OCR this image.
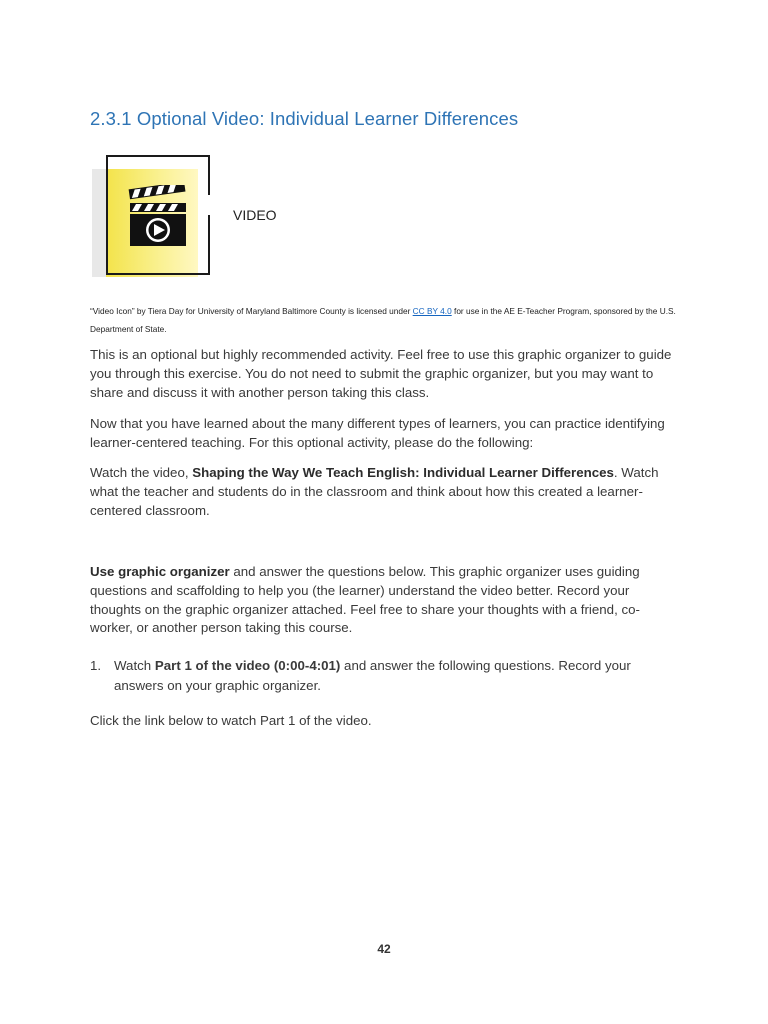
2.3.1 Optional Video: Individual Learner Differences
VIDEO

“Video Icon” by Tiera Day for University of Maryland Baltimore County is licensed under CC BY 4.0 for use in the AE E-Teacher Program, sponsored by the U.S. Department of State.

This is an optional but highly recommended activity. Feel free to use this graphic organizer to guide you through this exercise. You do not need to submit the graphic organizer, but you may want to share and discuss it with another person taking this class.

Now that you have learned about the many different types of learners, you can practice identifying learner-centered teaching. For this optional activity, please do the following:

Watch the video, Shaping the Way We Teach English: Individual Learner Differences. Watch what the teacher and students do in the classroom and think about how this created a learner-centered classroom.

Use graphic organizer and answer the questions below. This graphic organizer uses guiding questions and scaffolding to help you (the learner) understand the video better. Record your thoughts on the graphic organizer attached. Feel free to share your thoughts with a friend, co-worker, or another person taking this course.

1. Watch Part 1 of the video (0:00-4:01) and answer the following questions. Record your answers on your graphic organizer.

Click the link below to watch Part 1 of the video.

42
